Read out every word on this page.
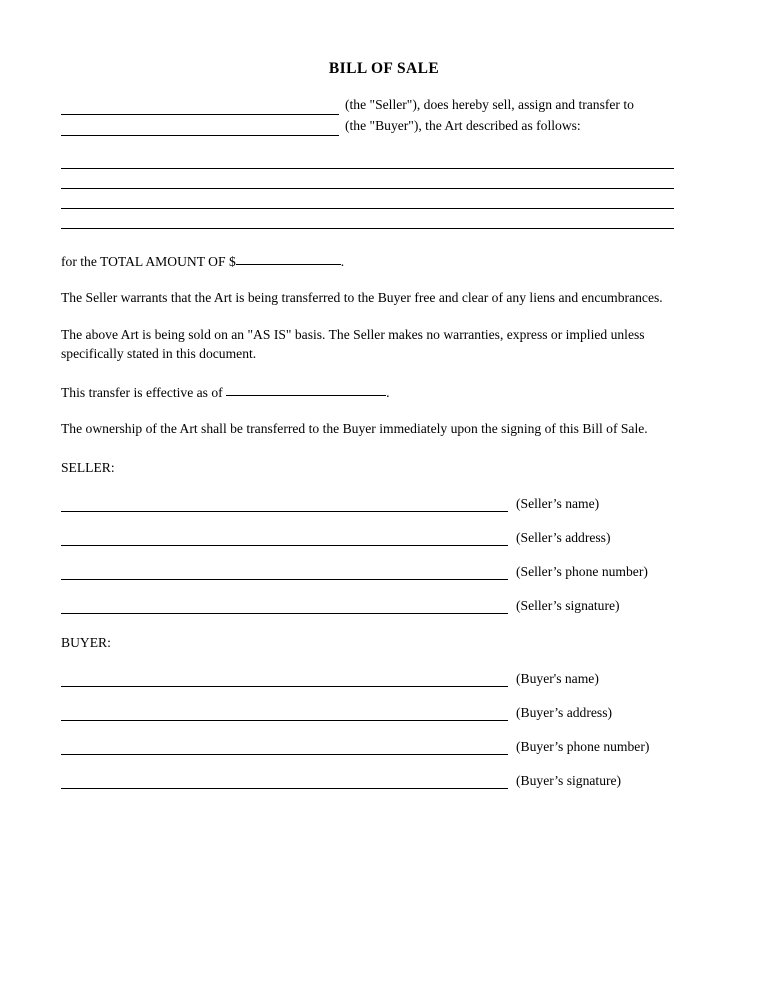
BILL OF SALE
(the "Seller"), does hereby sell, assign and transfer to
(the "Buyer"), the Art described as follows:
for the TOTAL AMOUNT OF $	.
The Seller warrants that the Art is being transferred to the Buyer free and clear of any liens and encumbrances.
The above Art is being sold on an "AS IS" basis. The Seller makes no warranties, express or implied unless specifically stated in this document.
This transfer is effective as of	.
The ownership of the Art shall be transferred to the Buyer immediately upon the signing of this Bill of Sale.
SELLER:
(Seller’s name)
(Seller’s address)
(Seller’s phone number)
(Seller’s signature)
BUYER:
(Buyer's name)
(Buyer’s address)
(Buyer’s phone number)
(Buyer’s signature)
